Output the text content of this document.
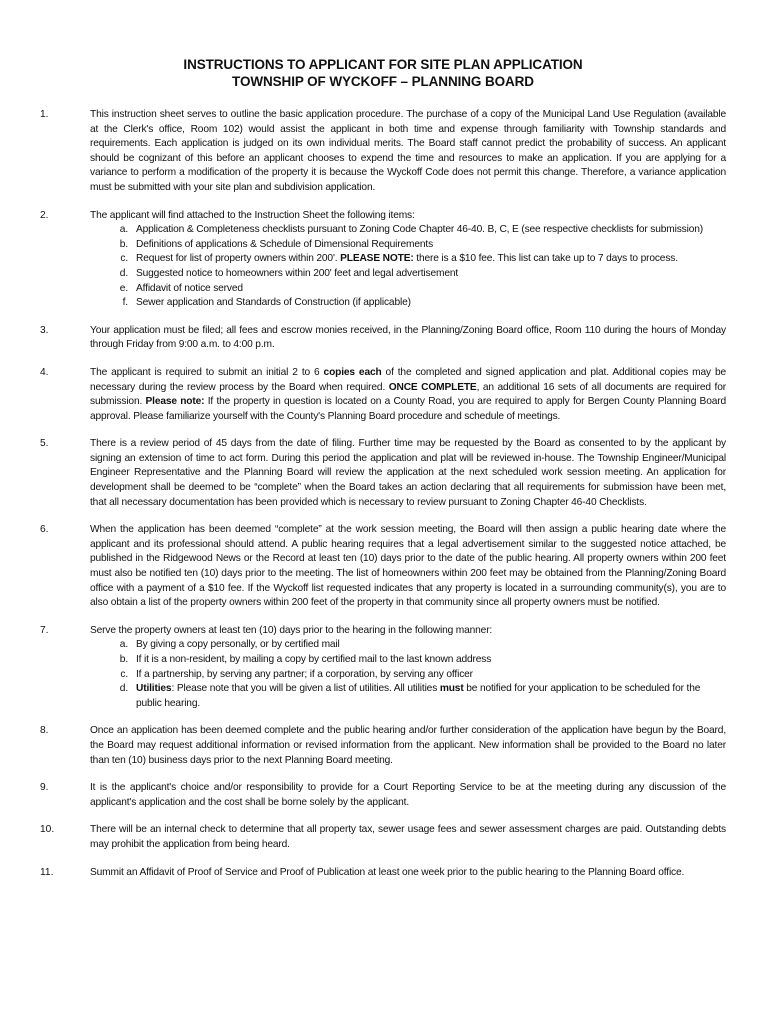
INSTRUCTIONS TO APPLICANT FOR SITE PLAN APPLICATION
TOWNSHIP OF WYCKOFF – PLANNING BOARD
1.	This instruction sheet serves to outline the basic application procedure. The purchase of a copy of the Municipal Land Use Regulation (available at the Clerk's office, Room 102) would assist the applicant in both time and expense through familiarity with Township standards and requirements. Each application is judged on its own individual merits. The Board staff cannot predict the probability of success. An applicant should be cognizant of this before an applicant chooses to expend the time and resources to make an application. If you are applying for a variance to perform a modification of the property it is because the Wyckoff Code does not permit this change. Therefore, a variance application must be submitted with your site plan and subdivision application.
2.	The applicant will find attached to the Instruction Sheet the following items:
a. Application & Completeness checklists pursuant to Zoning Code Chapter 46-40. B, C, E (see respective checklists for submission)
b. Definitions of applications & Schedule of Dimensional Requirements
c. Request for list of property owners within 200'. PLEASE NOTE: there is a $10 fee. This list can take up to 7 days to process.
d. Suggested notice to homeowners within 200' feet and legal advertisement
e. Affidavit of notice served
f. Sewer application and Standards of Construction (if applicable)
3.	Your application must be filed; all fees and escrow monies received, in the Planning/Zoning Board office, Room 110 during the hours of Monday through Friday from 9:00 a.m. to 4:00 p.m.
4.	The applicant is required to submit an initial 2 to 6 copies each of the completed and signed application and plat. Additional copies may be necessary during the review process by the Board when required. ONCE COMPLETE, an additional 16 sets of all documents are required for submission. Please note: If the property in question is located on a County Road, you are required to apply for Bergen County Planning Board approval. Please familiarize yourself with the County's Planning Board procedure and schedule of meetings.
5.	There is a review period of 45 days from the date of filing. Further time may be requested by the Board as consented to by the applicant by signing an extension of time to act form. During this period the application and plat will be reviewed in-house. The Township Engineer/Municipal Engineer Representative and the Planning Board will review the application at the next scheduled work session meeting. An application for development shall be deemed to be “complete” when the Board takes an action declaring that all requirements for submission have been met, that all necessary documentation has been provided which is necessary to review pursuant to Zoning Chapter 46-40 Checklists.
6.	When the application has been deemed “complete” at the work session meeting, the Board will then assign a public hearing date where the applicant and its professional should attend. A public hearing requires that a legal advertisement similar to the suggested notice attached, be published in the Ridgewood News or the Record at least ten (10) days prior to the date of the public hearing. All property owners within 200 feet must also be notified ten (10) days prior to the meeting. The list of homeowners within 200 feet may be obtained from the Planning/Zoning Board office with a payment of a $10 fee. If the Wyckoff list requested indicates that any property is located in a surrounding community(s), you are to also obtain a list of the property owners within 200 feet of the property in that community since all property owners must be notified.
7.	Serve the property owners at least ten (10) days prior to the hearing in the following manner:
a. By giving a copy personally, or by certified mail
b. If it is a non-resident, by mailing a copy by certified mail to the last known address
c. If a partnership, by serving any partner; if a corporation, by serving any officer
d. Utilities: Please note that you will be given a list of utilities. All utilities must be notified for your application to be scheduled for the public hearing.
8.	Once an application has been deemed complete and the public hearing and/or further consideration of the application have begun by the Board, the Board may request additional information or revised information from the applicant. New information shall be provided to the Board no later than ten (10) business days prior to the next Planning Board meeting.
9.	It is the applicant's choice and/or responsibility to provide for a Court Reporting Service to be at the meeting during any discussion of the applicant's application and the cost shall be borne solely by the applicant.
10.	There will be an internal check to determine that all property tax, sewer usage fees and sewer assessment charges are paid. Outstanding debts may prohibit the application from being heard.
11.	Summit an Affidavit of Proof of Service and Proof of Publication at least one week prior to the public hearing to the Planning Board office.
